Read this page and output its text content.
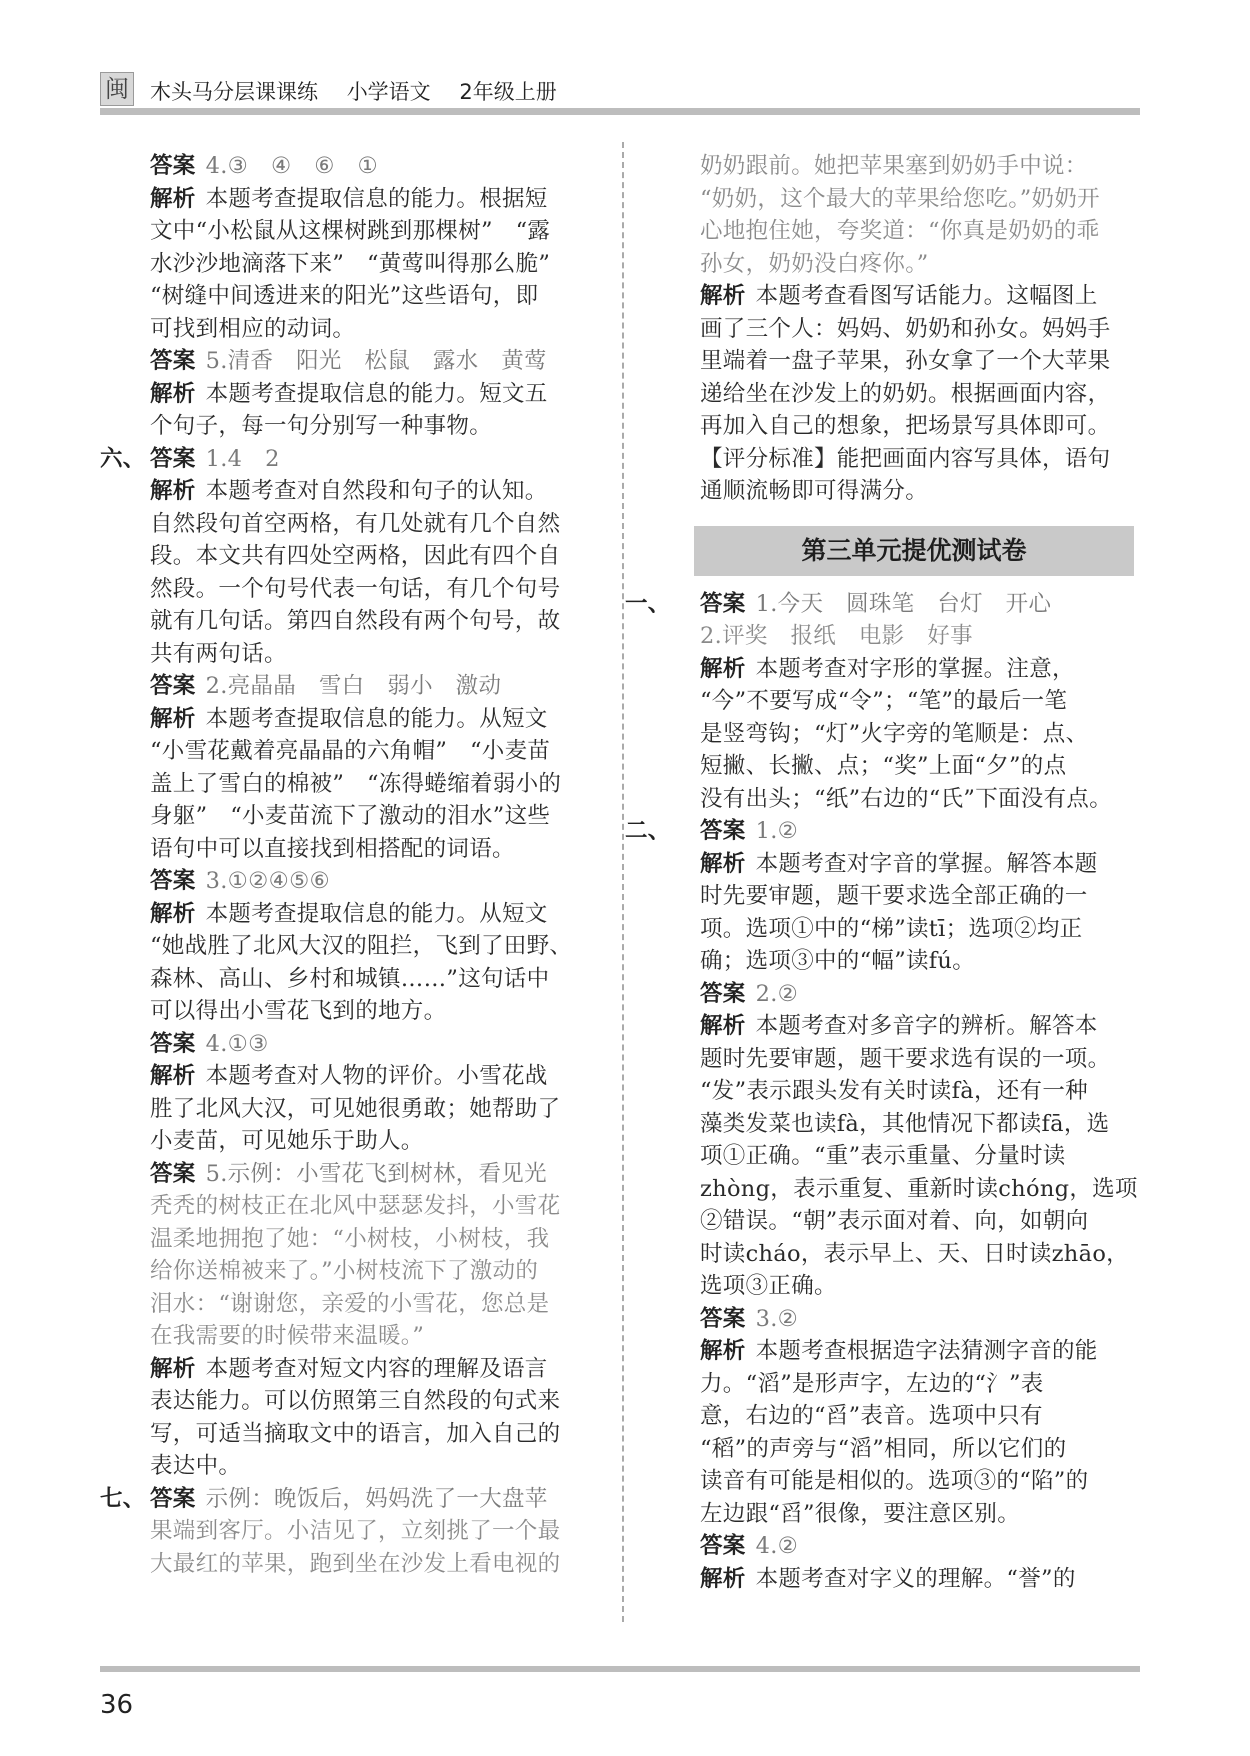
闽 木头马分层课课练 小学语文 2年级上册
答案 4.③　④　⑥　①
解析 本题考查提取信息的能力。根据短
文中“小松鼠从这棵树跳到那棵树”　“露
水沙沙地滴落下来”　“黄莺叫得那么脆”
“树缝中间透进来的阳光”这些语句，即
可找到相应的动词。
答案 5.清香　阳光　松鼠　露水　黄莺
解析 本题考查提取信息的能力。短文五
个句子，每一句分别写一种事物。
六、 答案 1.4　2
解析 本题考查对自然段和句子的认知。
自然段句首空两格，有几处就有几个自然
段。本文共有四处空两格，因此有四个自
然段。一个句号代表一句话，有几个句号
就有几句话。第四自然段有两个句号，故
共有两句话。
答案 2.亮晶晶　雪白　弱小　激动
解析 本题考查提取信息的能力。从短文
“小雪花戴着亮晶晶的六角帽”　“小麦苗
盖上了雪白的棉被”　“冻得蜷缩着弱小的
身躯”　“小麦苗流下了激动的泪水”这些
语句中可以直接找到相搭配的词语。
答案 3.①②④⑤⑥
解析 本题考查提取信息的能力。从短文
“她战胜了北风大汉的阻拦，飞到了田野、
森林、高山、乡村和城镇……”这句话中
可以得出小雪花飞到的地方。
答案 4.①③
解析 本题考查对人物的评价。小雪花战
胜了北风大汉，可见她很勇敢；她帮助了
小麦苗，可见她乐于助人。
答案 5.示例：小雪花飞到树林，看见光
秃秃的树枝正在北风中瑟瑟发抖，小雪花
温柔地拥抱了她：“小树枝，小树枝，我
给你送棉被来了。”小树枝流下了激动的
泪水：“谢谢您，亲爱的小雪花，您总是
在我需要的时候带来温暖。”
解析 本题考查对短文内容的理解及语言
表达能力。可以仿照第三自然段的句式来
写，可适当摘取文中的语言，加入自己的
表达中。
七、 答案 示例：晚饭后，妈妈洗了一大盘苹
果端到客厅。小洁见了，立刻挑了一个最
大最红的苹果，跑到坐在沙发上看电视的
奶奶跟前。她把苹果塞到奶奶手中说：
“奶奶，这个最大的苹果给您吃。”奶奶开
心地抱住她，夸奖道：“你真是奶奶的乖
孙女，奶奶没白疼你。”
解析 本题考查看图写话能力。这幅图上
画了三个人：妈妈、奶奶和孙女。妈妈手
里端着一盘子苹果，孙女拿了一个大苹果
递给坐在沙发上的奶奶。根据画面内容，
再加入自己的想象，把场景写具体即可。
【评分标准】能把画面内容写具体，语句
通顺流畅即可得满分。
第三单元提优测试卷
一、 答案 1.今天　圆珠笔　台灯　开心
2.评奖　报纸　电影　好事
解析 本题考查对字形的掌握。注意，
“今”不要写成“令”；“笔”的最后一笔
是竖弯钩；“灯”火字旁的笔顺是：点、
短撇、长撇、点；“奖”上面“夕”的点
没有出头；“纸”右边的“氏”下面没有点。
二、 答案 1.②
解析 本题考查对字音的掌握。解答本题
时先要审题，题干要求选全部正确的一
项。选项①中的“梯”读tī；选项②均正
确；选项③中的“幅”读fú。
答案 2.②
解析 本题考查对多音字的辨析。解答本
题时先要审题，题干要求选有误的一项。
“发”表示跟头发有关时读fà，还有一种
藻类发菜也读fà，其他情况下都读fā，选
项①正确。“重”表示重量、分量时读
zhòng，表示重复、重新时读chóng，选项
②错误。“朝”表示面对着、向，如朝向
时读cháo，表示早上、天、日时读zhāo，
选项③正确。
答案 3.②
解析 本题考查根据造字法猜测字音的能
力。“滔”是形声字，左边的“氵”表
意，右边的“舀”表音。选项中只有
“稻”的声旁与“滔”相同，所以它们的
读音有可能是相似的。选项③的“陷”的
左边跟“舀”很像，要注意区别。
答案 4.②
解析 本题考查对字义的理解。“誉”的
36
